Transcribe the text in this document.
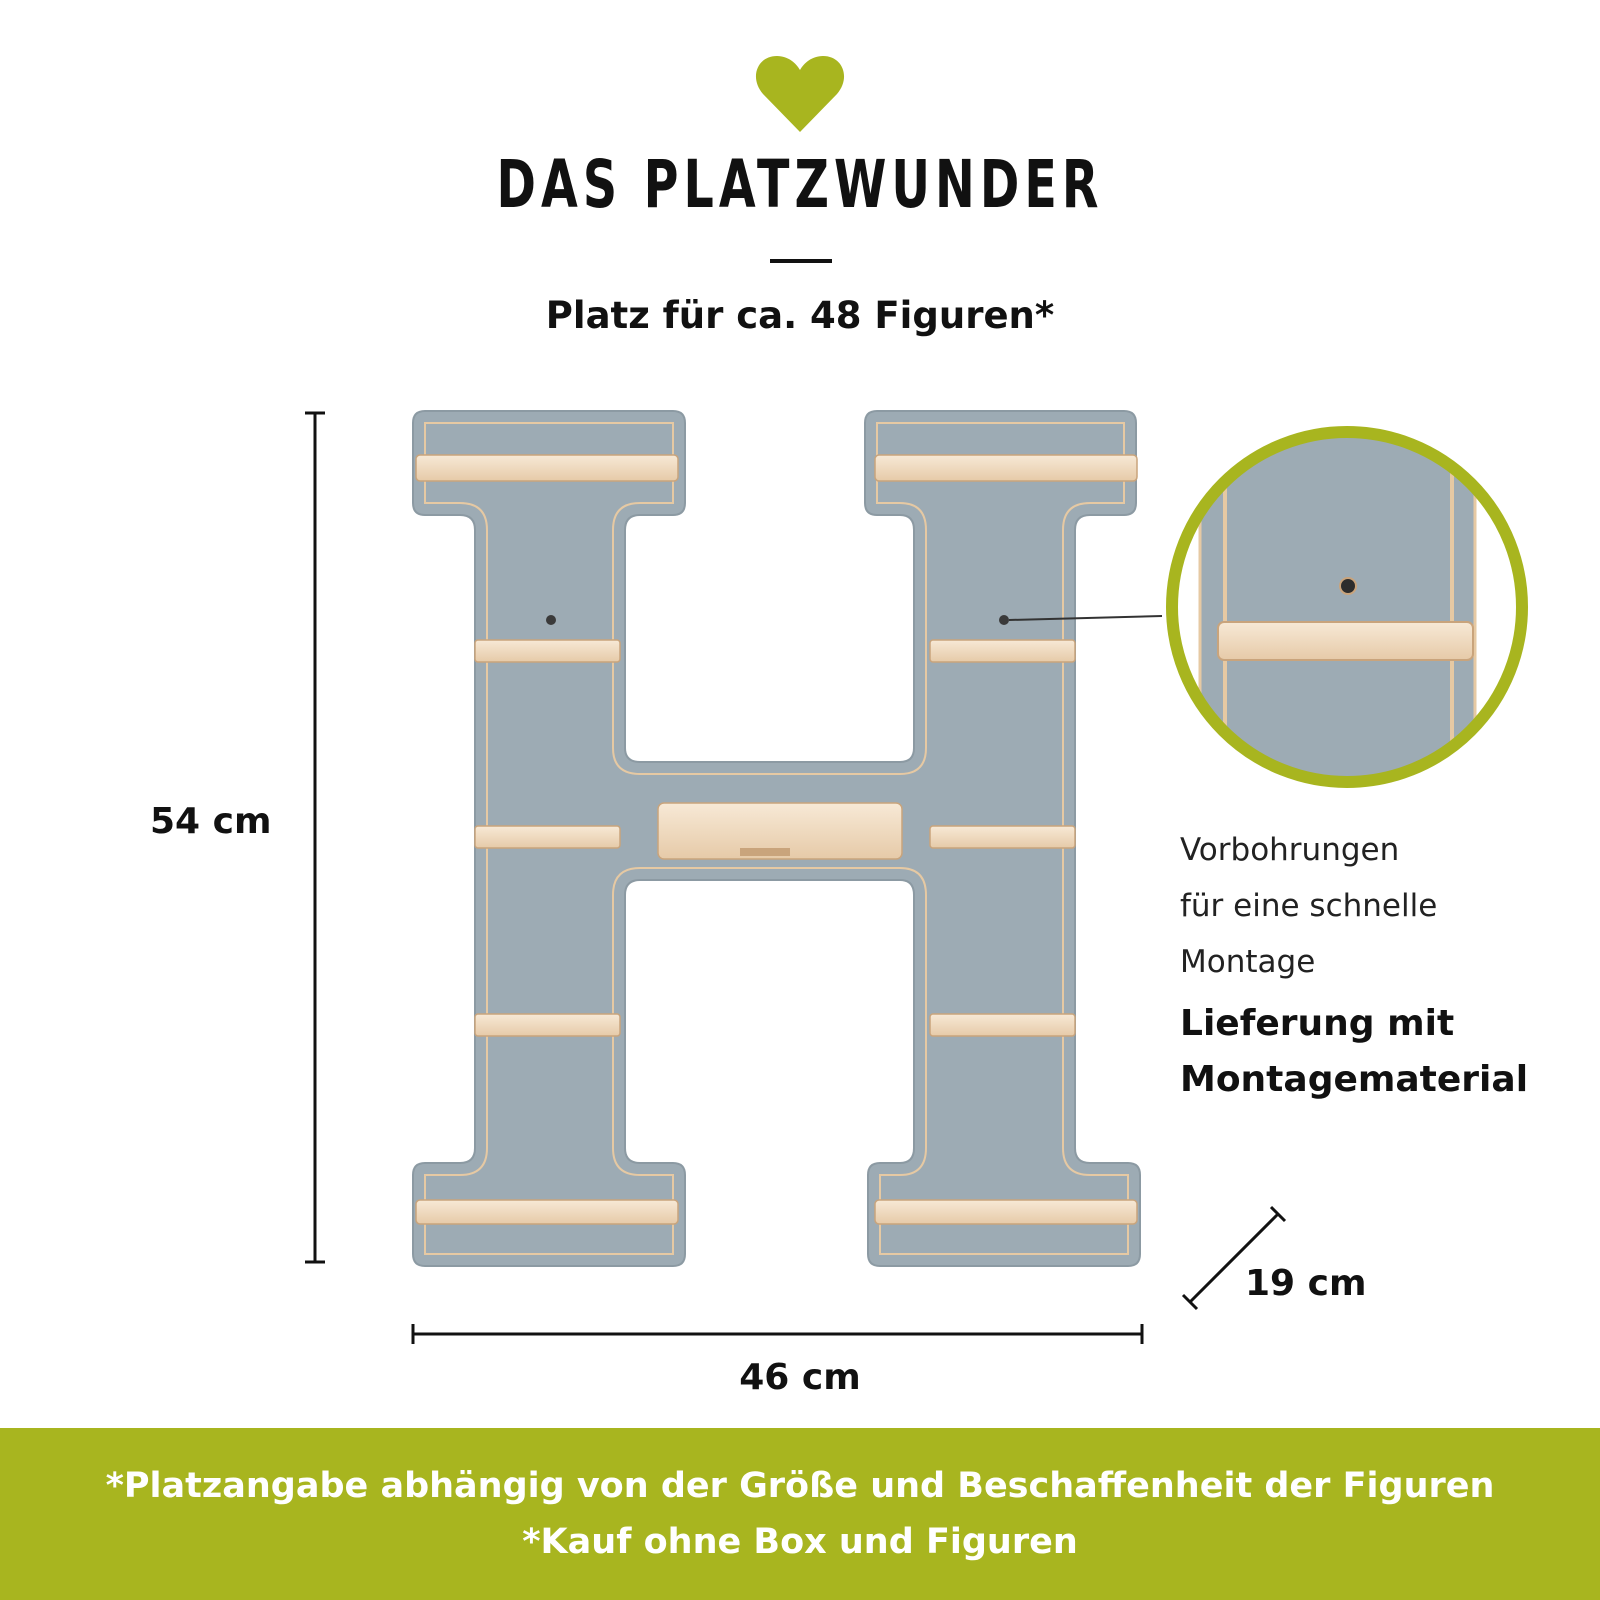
DAS PLATZWUNDER
Platz für ca. 48 Figuren*
54 cm
46 cm
19 cm
Vorbohrungen
für eine schnelle
Montage
Lieferung mit
Montagematerial
*Platzangabe abhängig von der Größe und Beschaffenheit der Figuren
*Kauf ohne Box und Figuren
